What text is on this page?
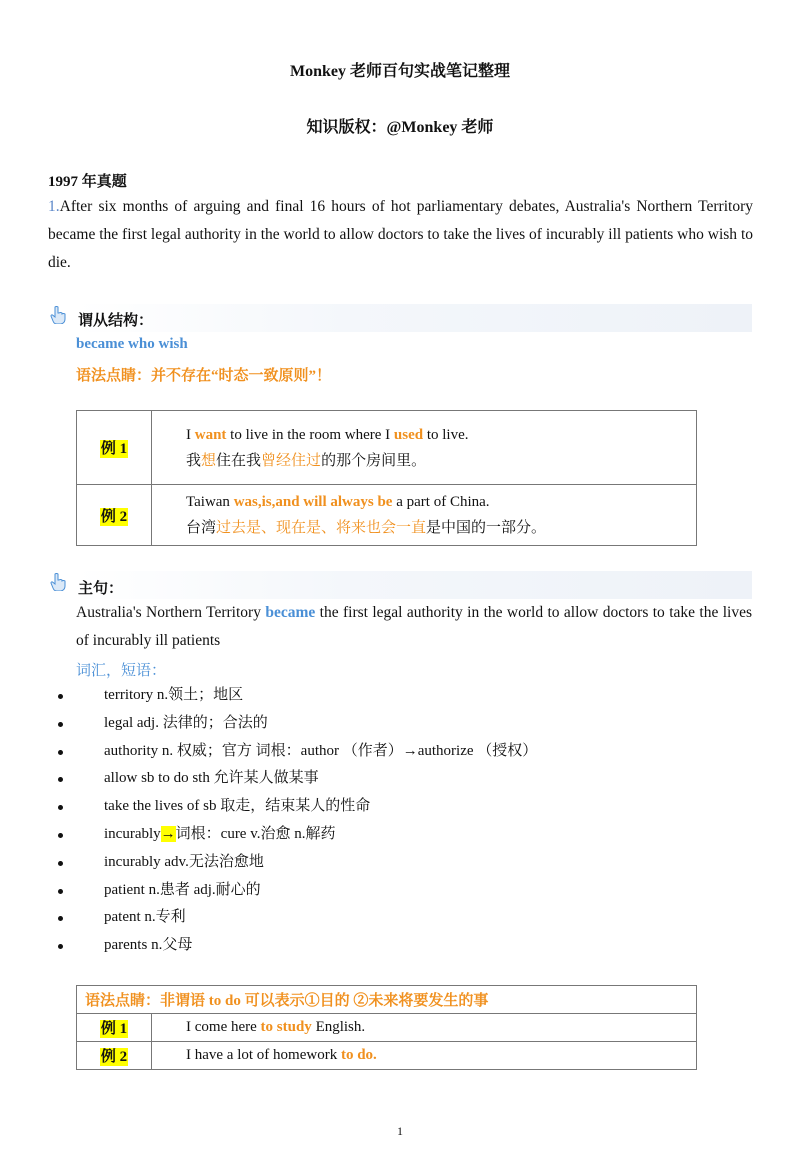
Monkey 老师百句实战笔记整理
知识版权：@Monkey 老师
1997 年真题
1.After six months of arguing and final 16 hours of hot parliamentary debates, Australia's Northern Territory became the first legal authority in the world to allow doctors to take the lives of incurably ill patients who wish to die.
谓从结构：
became who wish
语法点睛：并不存在“时态一致原则”！
例 1	I want to live in the room where I used to live.
我想住在我曾经住过的那个房间里。

例 2	Taiwan was,is,and will always be a part of China.
台湾过去是、现在是、将来也会一直是中国的一部分。
主句：
Australia's Northern Territory became the first legal authority in the world to allow doctors to take the lives of incurably ill patients
词汇，短语：
territory n.领土；地区
legal adj. 法律的；合法的
authority n. 权威；官方 词根：author （作者）→authorize （授权）
allow sb to do sth 允许某人做某事
take the lives of sb 取走，结束某人的性命
incurably→词根：cure v.治愈 n.解药
incurably adv.无法治愈地
patient n.患者 adj.耐心的
patent n.专利
parents n.父母
语法点睛：非谓语 to do 可以表示①目的 ②未来将要发生的事	
例 1	I come here to study English.
例 2	I have a lot of homework to do.
1
